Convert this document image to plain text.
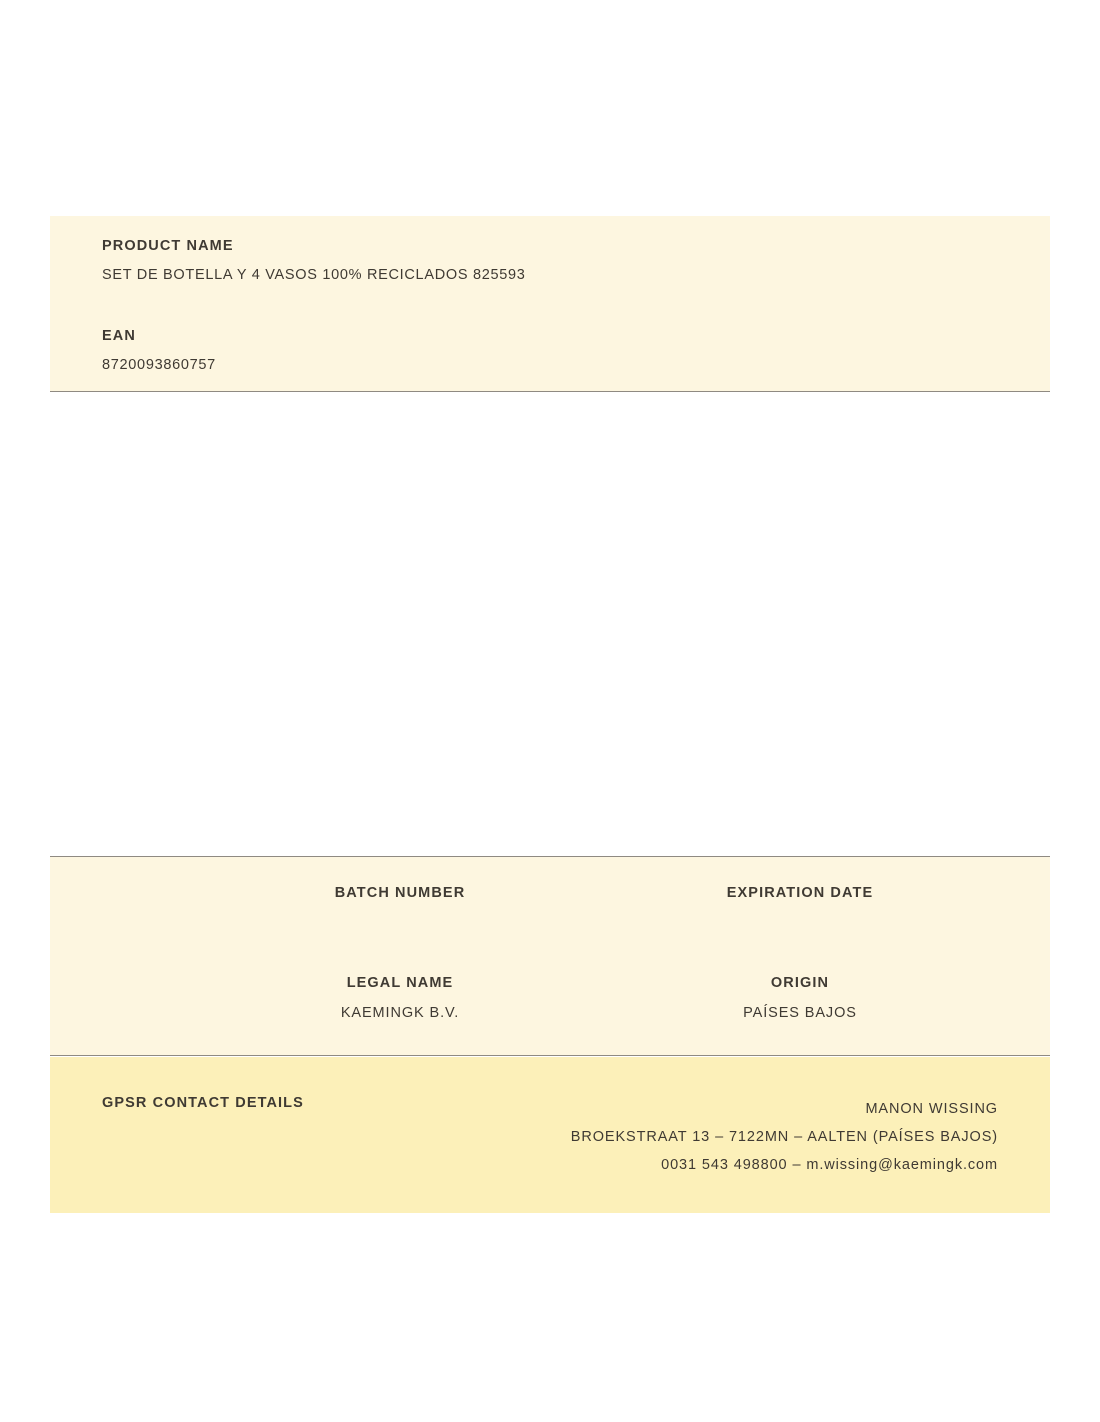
PRODUCT NAME
SET DE BOTELLA Y 4 VASOS 100% RECICLADOS 825593
EAN
8720093860757
BATCH NUMBER	EXPIRATION DATE
LEGAL NAME
KAEMINGK B.V.
ORIGIN
PAÍSES BAJOS
GPSR CONTACT DETAILS	MANON WISSING
BROEKSTRAAT 13 – 7122MN – AALTEN (PAÍSES BAJOS)
0031 543 498800 – m.wissing@kaemingk.com
